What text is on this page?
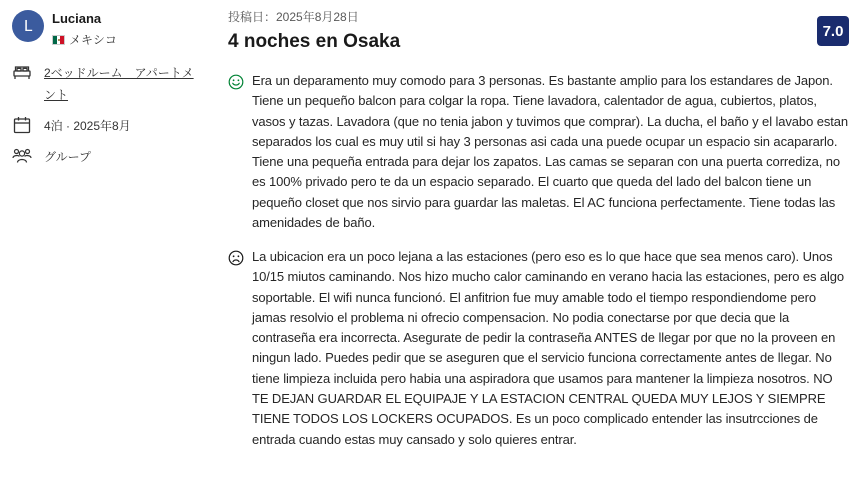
L	Luciana
メキシコ
2ベッドルーム　アパートメント
4泊 · 2025年8月
グループ
投稿日：2025年8月28日
4 noches en Osaka	7.0
Era un deparamento muy comodo para 3 personas. Es bastante amplio para los estandares de Japon. Tiene un pequeño balcon para colgar la ropa. Tiene lavadora, calentador de agua, cubiertos, platos, vasos y tazas. Lavadora (que no tenia jabon y tuvimos que comprar). La ducha, el baño y el lavabo estan separados los cual es muy util si hay 3 personas asi cada una puede ocupar un espacio sin acapararlo. Tiene una pequeña entrada para dejar los zapatos. Las camas se separan con una puerta corrediza, no es 100% privado pero te da un espacio separado. El cuarto que queda del lado del balcon tiene un pequeño closet que nos sirvio para guardar las maletas. El AC funciona perfectamente. Tiene todas las amenidades de baño.
La ubicacion era un poco lejana a las estaciones (pero eso es lo que hace que sea menos caro). Unos 10/15 miutos caminando. Nos hizo mucho calor caminando en verano hacia las estaciones, pero es algo soportable. El wifi nunca funcionó. El anfitrion fue muy amable todo el tiempo respondiendome pero jamas resolvio el problema ni ofrecio compensacion. No podia conectarse por que decia que la contraseña era incorrecta. Asegurate de pedir la contraseña ANTES de llegar por que no la proveen en ningun lado. Puedes pedir que se aseguren que el servicio funciona correctamente antes de llegar. No tiene limpieza incluida pero habia una aspiradora que usamos para mantener la limpieza nosotros. NO TE DEJAN GUARDAR EL EQUIPAJE Y LA ESTACION CENTRAL QUEDA MUY LEJOS Y SIEMPRE TIENE TODOS LOS LOCKERS OCUPADOS. Es un poco complicado entender las insutrcciones de entrada cuando estas muy cansado y solo quieres entrar.
